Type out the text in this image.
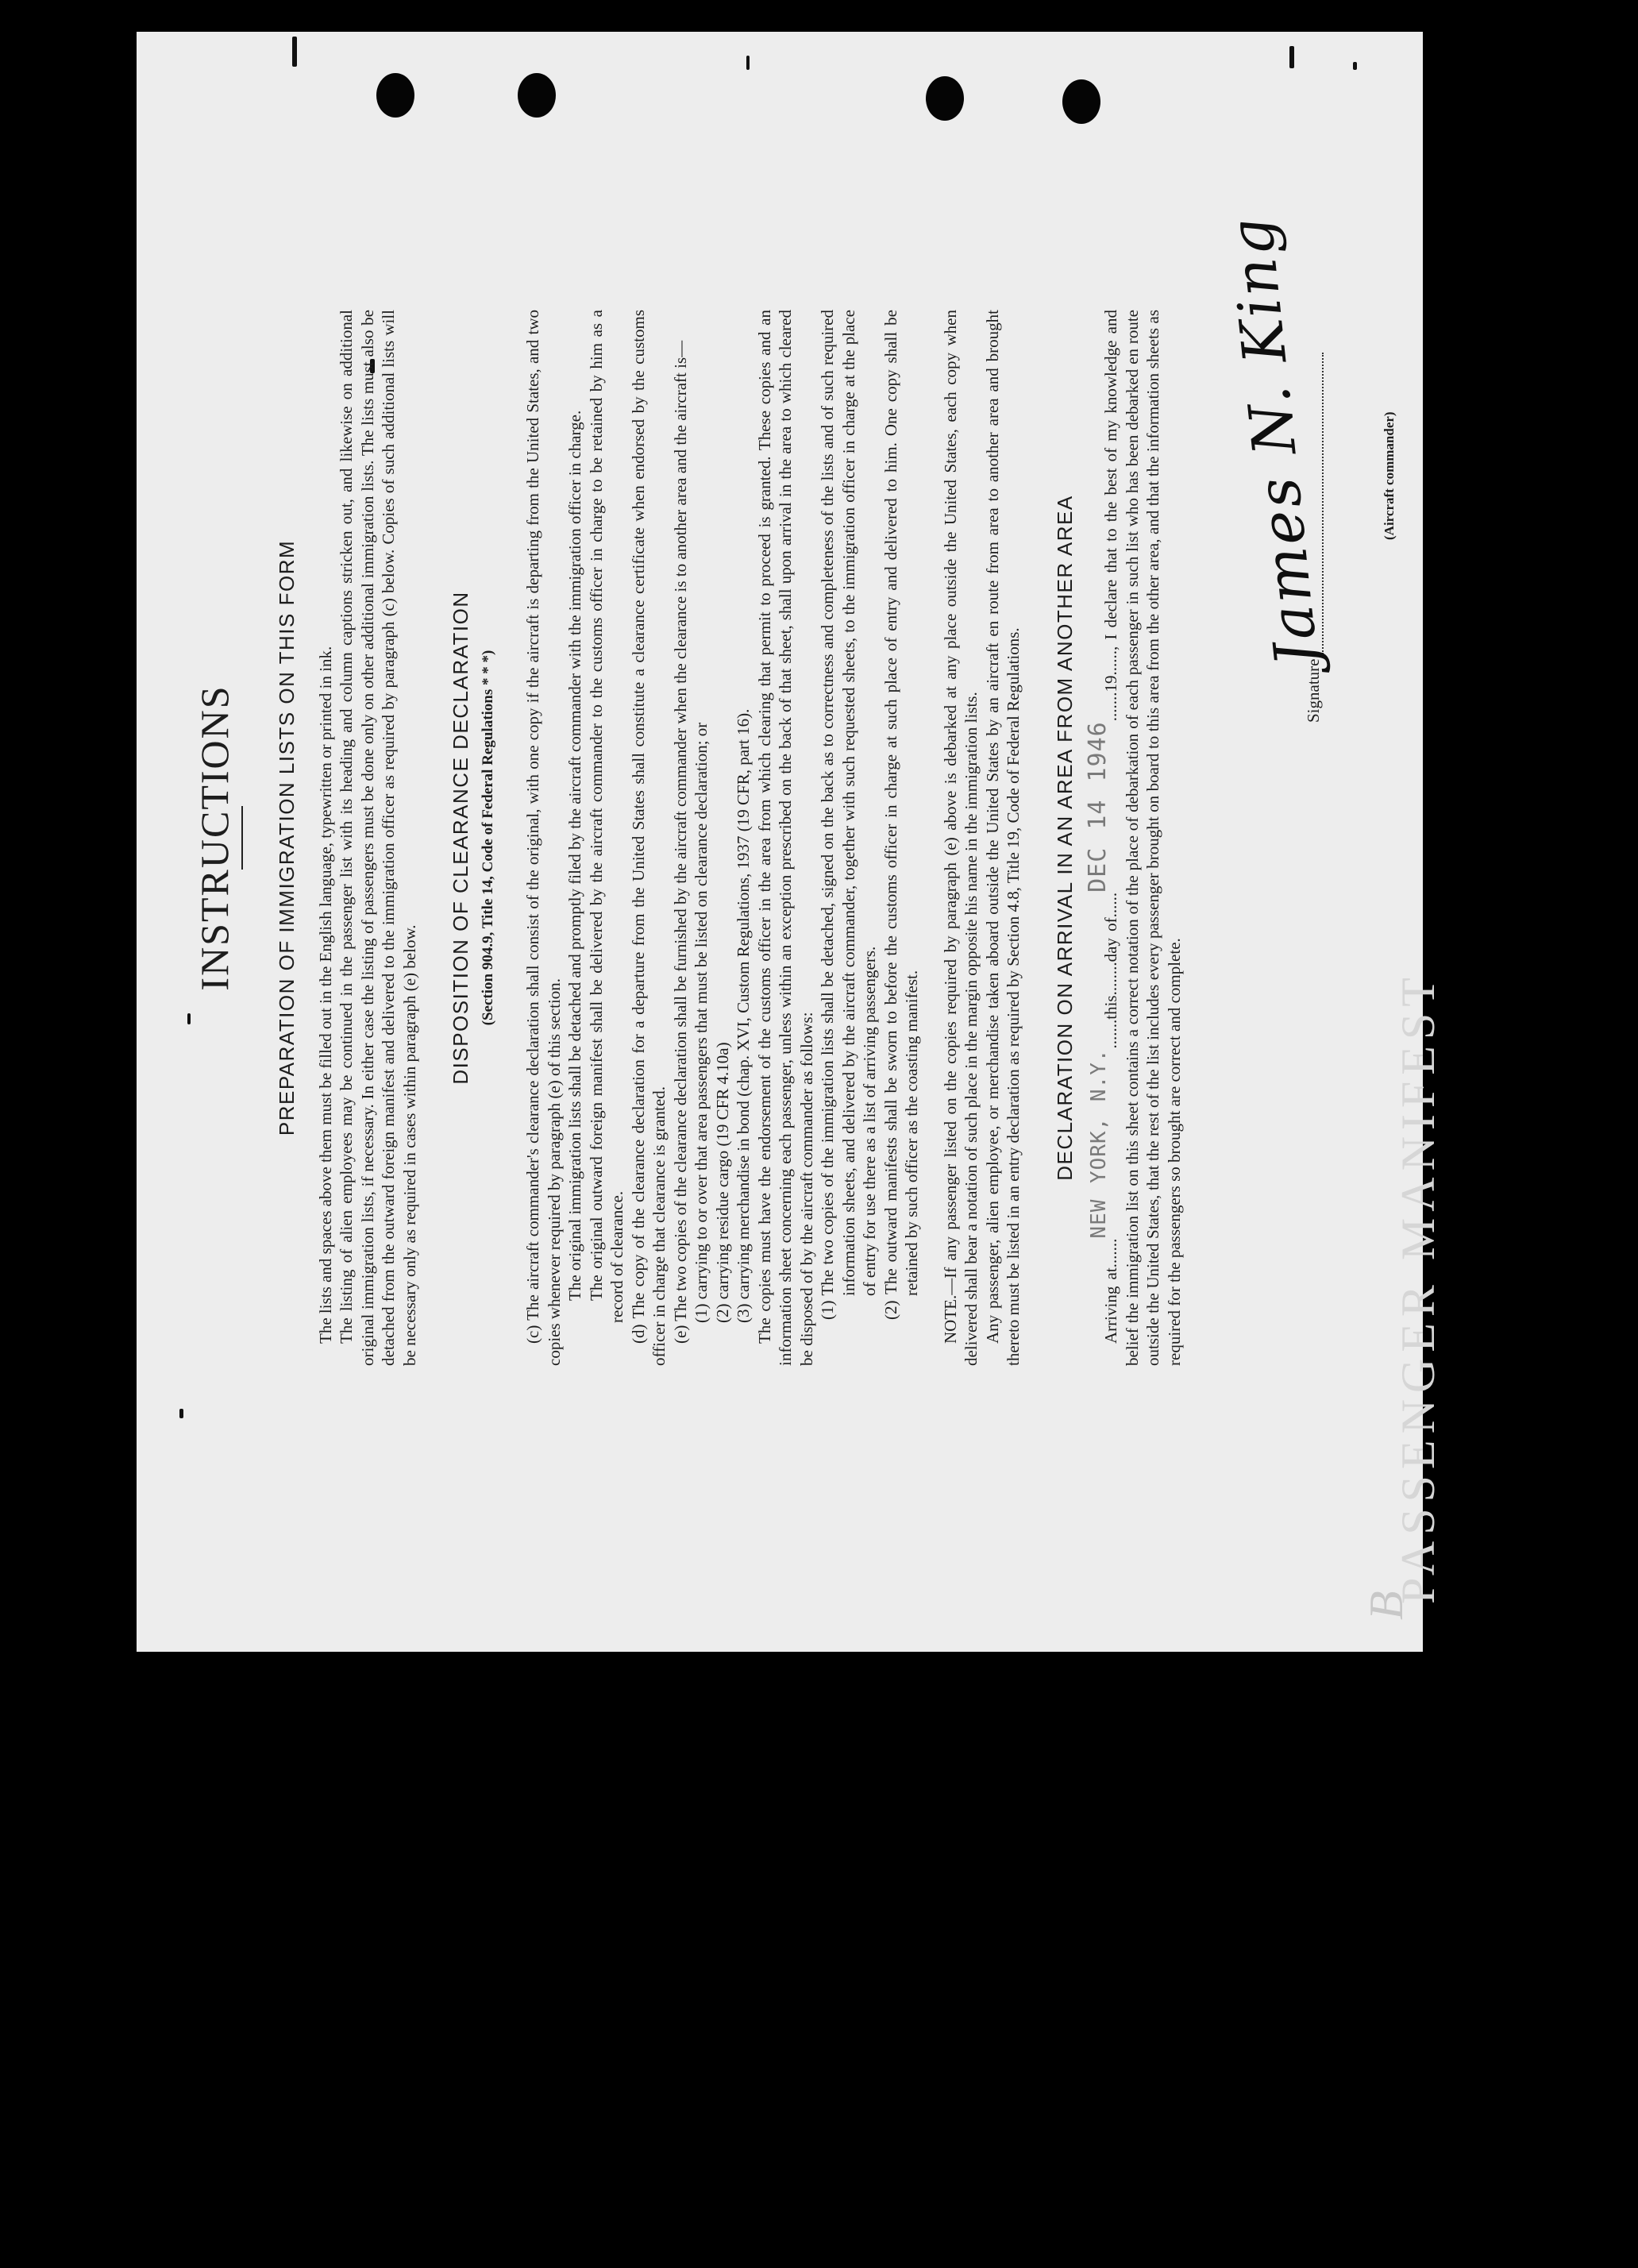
PASSENGER MANIFEST
B

INSTRUCTIONS PREPARATION OF IMMIGRATION LISTS ON THIS FORM The lists and spaces above them must be filled out in the English language, typewritten or printed in ink. The listing of alien employees may be continued in the passenger list with its heading and column captions stricken out, and likewise on additional original immigration lists, if necessary. In either case the listing of passengers must be done only on other additional immigration lists. The lists must also be detached from the outward foreign manifest and delivered to the immigration officer as required by paragraph (c) below. Copies of such additional lists will be necessary only as required in cases within paragraph (e) below.

DISPOSITION OF CLEARANCE DECLARATION (Section 904.9, Title 14, Code of Federal Regulations * * *) (c) The aircraft commander's clearance declaration shall consist of the original, with one copy if the aircraft is departing from the United States, and two copies whenever required by paragraph (e) of this section. The original immigration lists shall be detached and promptly filed by the aircraft commander with the immigration officer in charge. The original outward foreign manifest shall be delivered by the aircraft commander to the customs officer in charge to be retained by him as a record of clearance. (d) The copy of the clearance declaration for a departure from the United States shall constitute a clearance certificate when endorsed by the customs officer in charge that clearance is granted. (e) The two copies of the clearance declaration shall be furnished by the aircraft commander when the clearance is to another area and the aircraft is— (1) carrying to or over that area passengers that must be listed on clearance declaration; or (2) carrying residue cargo (19 CFR 4.10a) (3) carrying merchandise in bond (chap. XVI, Custom Regulations, 1937 (19 CFR, part 16). The copies must have the endorsement of the customs officer in the area from which clearing that permit to proceed is granted. These copies and an information sheet concerning each passenger, unless within an exception prescribed on the back of that sheet, shall upon arrival in the area to which cleared be disposed of by the aircraft commander as follows: (1) The two copies of the immigration lists shall be detached, signed on the back as to correctness and completeness of the lists and of such required information sheets, and delivered by the aircraft commander, together with such requested sheets, to the immigration officer in charge at the place of entry for use there as a list of arriving passengers. (2) The outward manifests shall be sworn to before the customs officer in charge at such place of entry and delivered to him. One copy shall be retained by such officer as the coasting manifest. NOTE.—If any passenger listed on the copies required by paragraph (e) above is debarked at any place outside the United States, each copy when delivered shall bear a notation of such place in the margin opposite his name in the immigration lists. Any passenger, alien employee, or merchandise taken aboard outside the United States by an aircraft en route from area to another area and brought thereto must be listed in an entry declaration as required by Section 4.8, Title 19, Code of Federal Regulations. DECLARATION ON ARRIVAL IN AN AREA FROM ANOTHER AREA

Arriving at.......NEW YORK, N.Y........this........day of......DEC 14 1946.......19......, I declare that to the best of my knowledge and belief the immigration list on this sheet contains a correct notation of the place of debarkation of each passenger in such list who has been debarked en route outside the United States, that the rest of the list includes every passenger brought on board to this area from the other area, and that the information sheets as required for the passengers so brought are correct and complete.

Signature
James N. King	(Aircraft commander)
